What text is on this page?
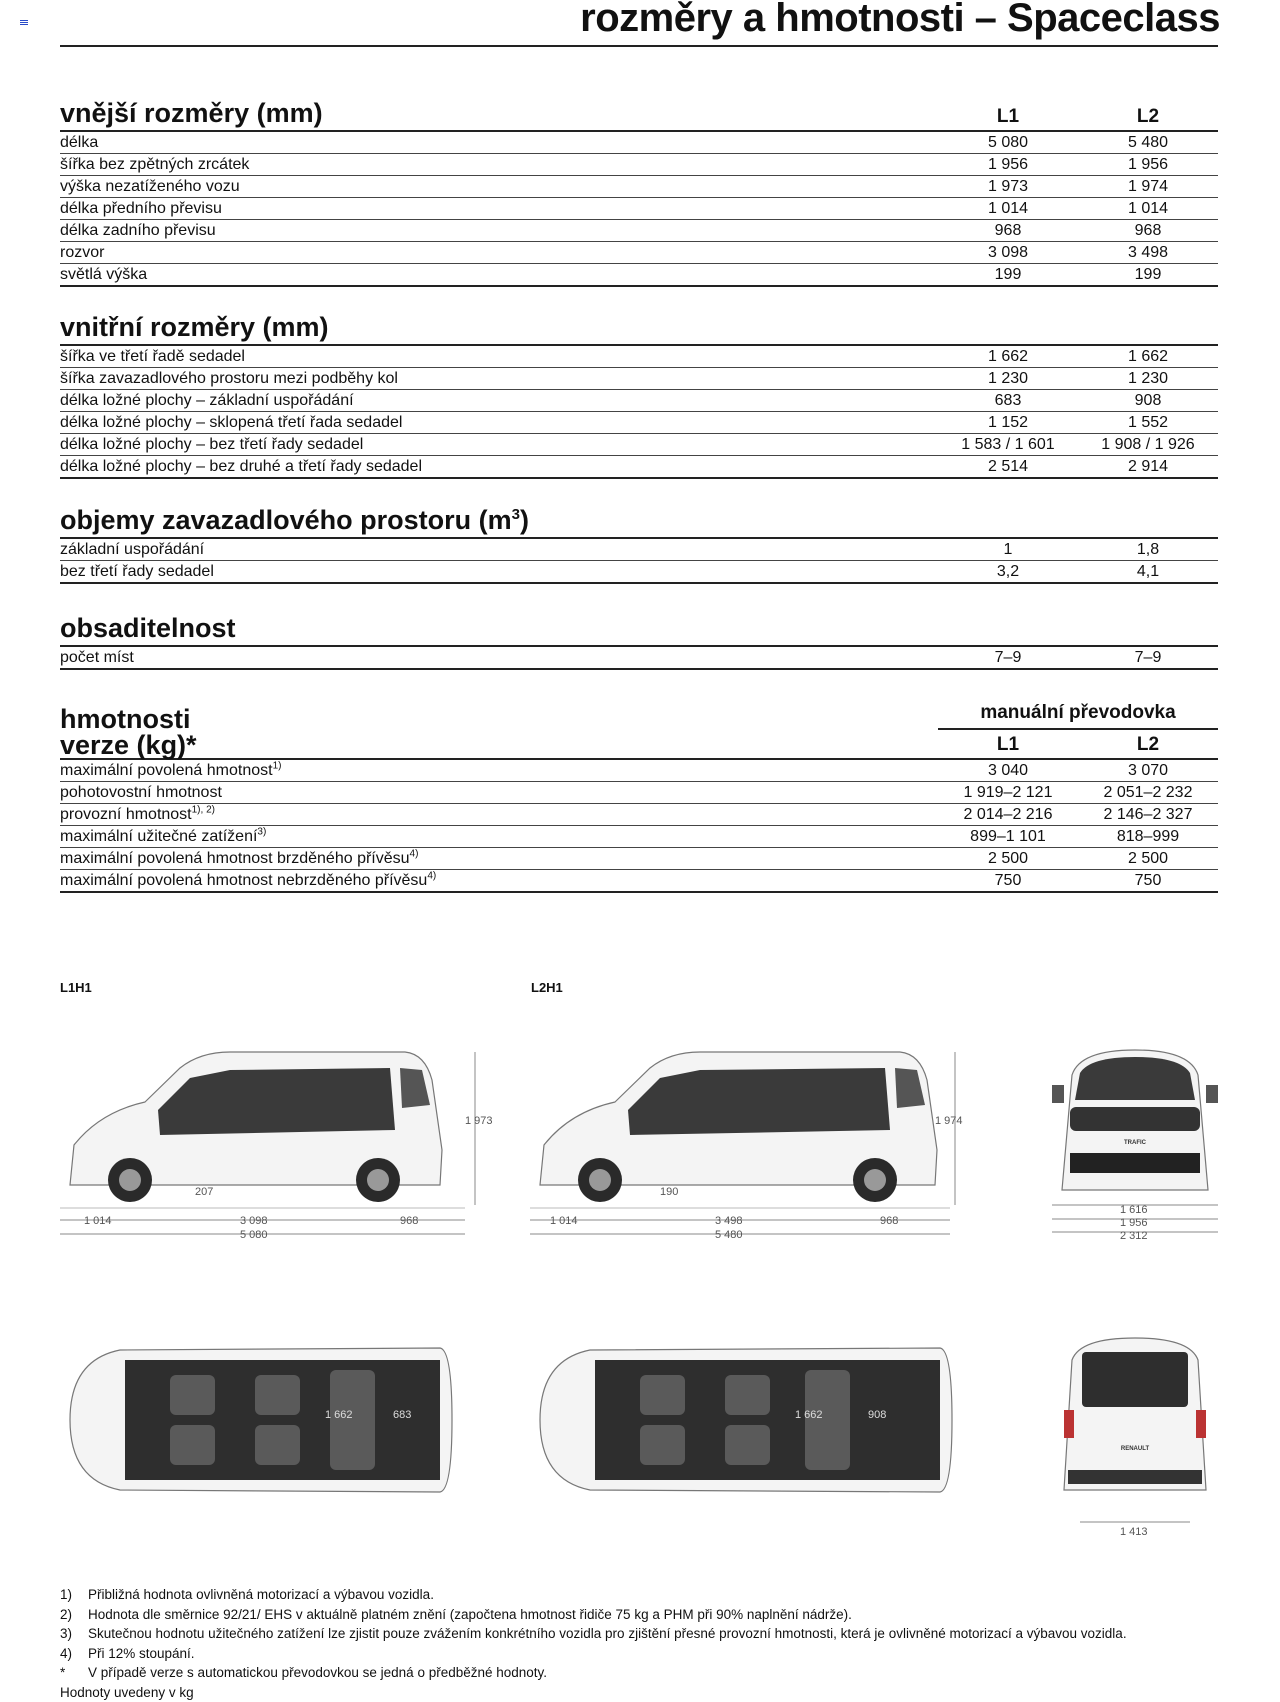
rozměry a hmotnosti – Spaceclass
vnější rozměry (mm)	L1	L2
délka	5 080	5 480
šířka bez zpětných zrcátek	1 956	1 956
výška nezatíženého vozu	1 973	1 974
délka předního převisu	1 014	1 014
délka zadního převisu	968	968
rozvor	3 098	3 498
světlá výška	199	199
vnitřní rozměry (mm)
šířka ve třetí řadě sedadel	1 662	1 662
šířka zavazadlového prostoru mezi podběhy kol	1 230	1 230
délka ložné plochy – základní uspořádání	683	908
délka ložné plochy – sklopená třetí řada sedadel	1 152	1 552
délka ložné plochy – bez třetí řady sedadel	1 583 / 1 601	1 908 / 1 926
délka ložné plochy – bez druhé a třetí řady sedadel	2 514	2 914
objemy zavazadlového prostoru $(m^3)$
základní uspořádání	1	1,8
bez třetí řady sedadel	3,2	4,1
obsaditelnost
počet míst	7–9	7–9
hmotnosti
verze (kg)*
manuální převodovka
L1	L2
maximální povolená hmotnost$^{1)}$	3 040	3 070
pohotovostní hmotnost	1 919–2 121	2 051–2 232
provozní hmotnost$^{1), 2)}$	2 014–2 216	2 146–2 327
maximální užitečné zatížení$^{3)}$	899–1 101	818–999
maximální povolená hmotnost brzděného přívěsu$^{4)}$	2 500	2 500
maximální povolená hmotnost nebrzděného přívěsu$^{4)}$	750	750
L1H1	L2H1
1 973
207
1 014	3 098	968
5 080
1 974
190
1 014	3 498	968
5 480
TRAFIC
1 616
1 956
2 312
1 662	683	1 662	908
RENAULT
1 413
1)	Přibližná hodnota ovlivněná motorizací a výbavou vozidla.
2)	Hodnota dle směrnice 92/21/ EHS v aktuálně platném znění (započtena hmotnost řidiče 75 kg a PHM při 90% naplnění nádrže).
3)	Skutečnou hodnotu užitečného zatížení lze zjistit pouze zvážením konkrétního vozidla pro zjištění přesné provozní hmotnosti, která je ovlivněné motorizací a výbavou vozidla.
4)	Při 12% stoupání.
*	V případě verze s automatickou převodovkou se jedná o předběžné hodnoty.
Hodnoty uvedeny v kg
